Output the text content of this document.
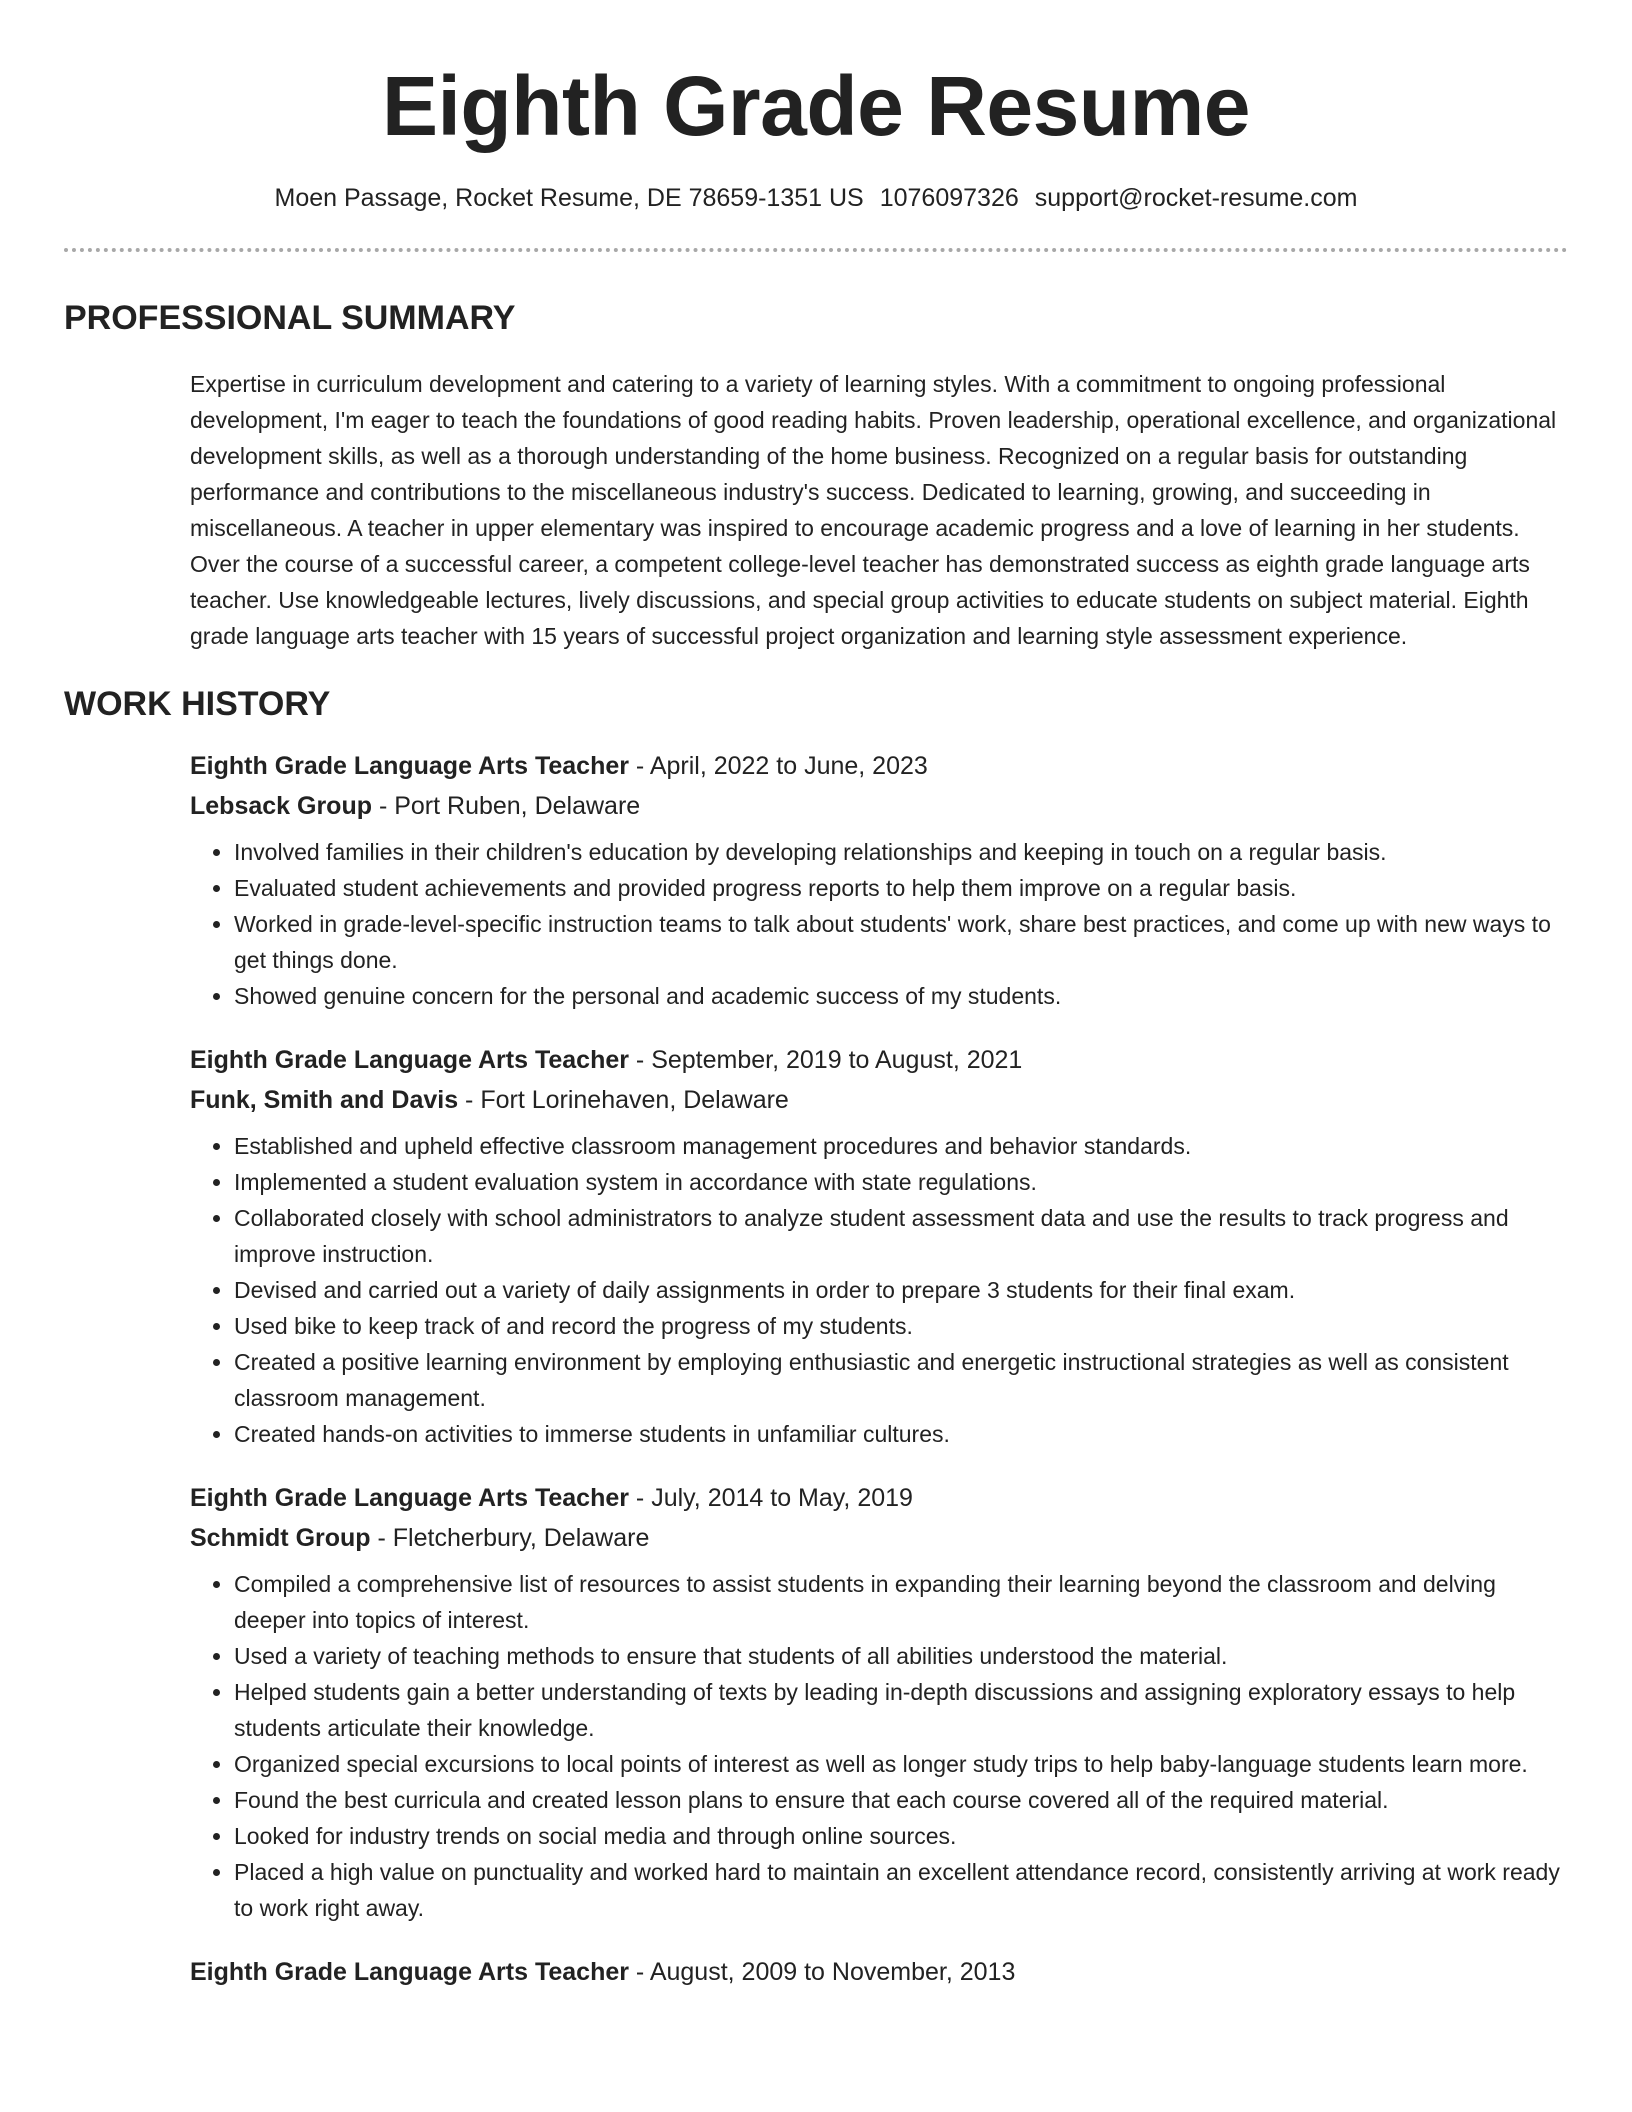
Eighth Grade Resume
Moen Passage, Rocket Resume, DE 78659-1351 US 1076097326 support@rocket-resume.com
PROFESSIONAL SUMMARY

Expertise in curriculum development and catering to a variety of learning styles. With a commitment to ongoing professional development, I'm eager to teach the foundations of good reading habits. Proven leadership, operational excellence, and organizational development skills, as well as a thorough understanding of the home business. Recognized on a regular basis for outstanding performance and contributions to the miscellaneous industry's success. Dedicated to learning, growing, and succeeding in miscellaneous. A teacher in upper elementary was inspired to encourage academic progress and a love of learning in her students. Over the course of a successful career, a competent college-level teacher has demonstrated success as eighth grade language arts teacher. Use knowledgeable lectures, lively discussions, and special group activities to educate students on subject material. Eighth grade language arts teacher with 15 years of successful project organization and learning style assessment experience.

WORK HISTORY
Eighth Grade Language Arts Teacher - April, 2022 to June, 2023
Lebsack Group - Port Ruben, Delaware
• Involved families in their children's education by developing relationships and keeping in touch on a regular basis.
• Evaluated student achievements and provided progress reports to help them improve on a regular basis.
• Worked in grade-level-specific instruction teams to talk about students' work, share best practices, and come up with new ways to get things done.
• Showed genuine concern for the personal and academic success of my students.
Eighth Grade Language Arts Teacher - September, 2019 to August, 2021
Funk, Smith and Davis - Fort Lorinehaven, Delaware
• Established and upheld effective classroom management procedures and behavior standards.
• Implemented a student evaluation system in accordance with state regulations.
• Collaborated closely with school administrators to analyze student assessment data and use the results to track progress and improve instruction.
• Devised and carried out a variety of daily assignments in order to prepare 3 students for their final exam.
• Used bike to keep track of and record the progress of my students.
• Created a positive learning environment by employing enthusiastic and energetic instructional strategies as well as consistent classroom management.
• Created hands-on activities to immerse students in unfamiliar cultures.
Eighth Grade Language Arts Teacher - July, 2014 to May, 2019
Schmidt Group - Fletcherbury, Delaware
• Compiled a comprehensive list of resources to assist students in expanding their learning beyond the classroom and delving deeper into topics of interest.
• Used a variety of teaching methods to ensure that students of all abilities understood the material.
• Helped students gain a better understanding of texts by leading in-depth discussions and assigning exploratory essays to help students articulate their knowledge.
• Organized special excursions to local points of interest as well as longer study trips to help baby-language students learn more.
• Found the best curricula and created lesson plans to ensure that each course covered all of the required material.
• Looked for industry trends on social media and through online sources.
• Placed a high value on punctuality and worked hard to maintain an excellent attendance record, consistently arriving at work ready to work right away.
Eighth Grade Language Arts Teacher - August, 2009 to November, 2013
